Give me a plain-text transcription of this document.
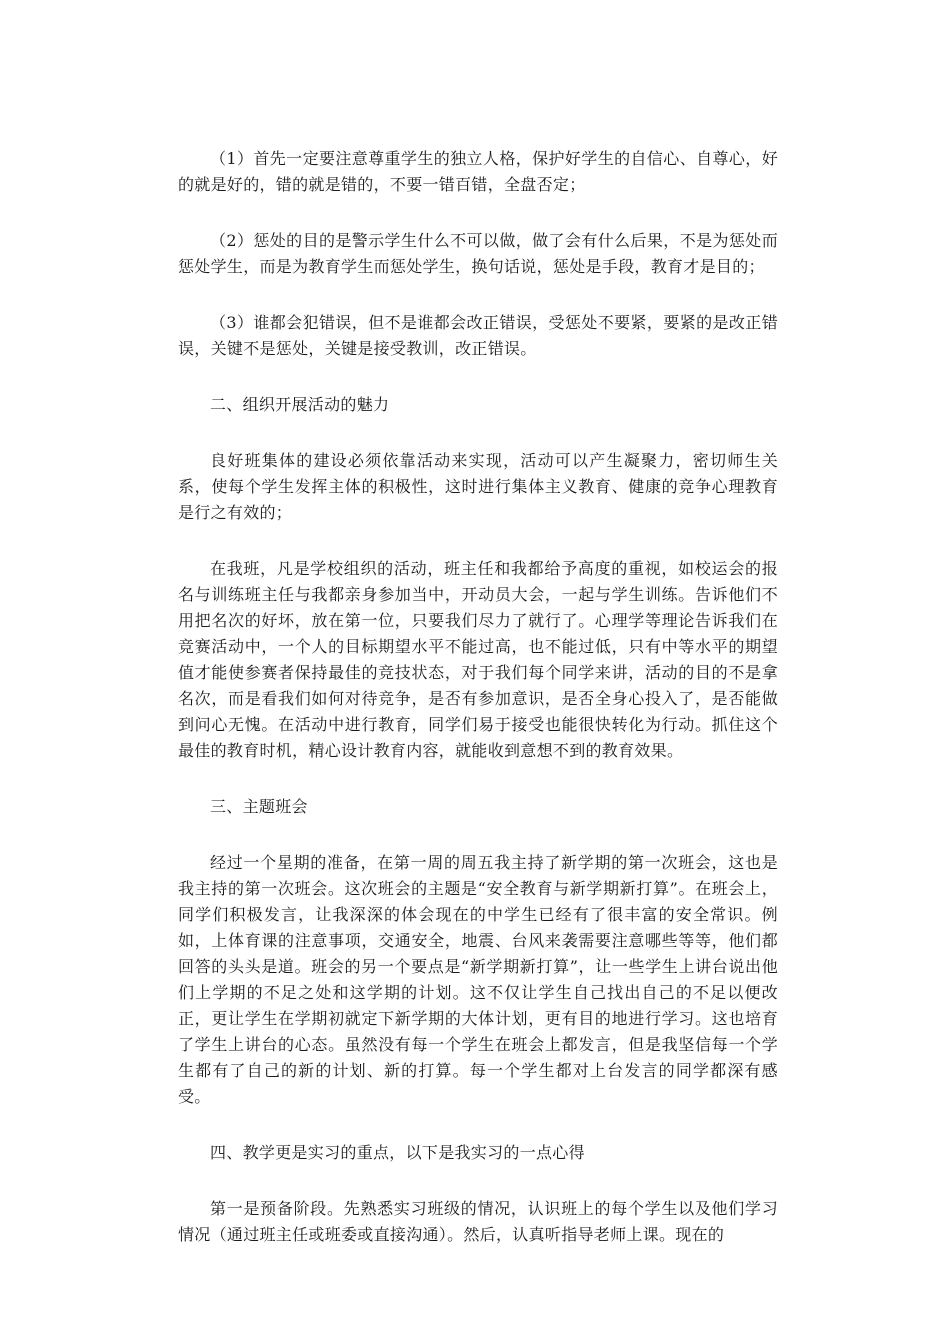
（1）首先一定要注意尊重学生的独立人格，保护好学生的自信心、自尊心，好的就是好的，错的就是错的，不要一错百错，全盘否定；

（2）惩处的目的是警示学生什么不可以做，做了会有什么后果，不是为惩处而惩处学生，而是为教育学生而惩处学生，换句话说，惩处是手段，教育才是目的；

（3）谁都会犯错误，但不是谁都会改正错误，受惩处不要紧，要紧的是改正错误，关键不是惩处，关键是接受教训，改正错误。

二、组织开展活动的魅力

良好班集体的建设必须依靠活动来实现，活动可以产生凝聚力，密切师生关系，使每个学生发挥主体的积极性，这时进行集体主义教育、健康的竞争心理教育是行之有效的；

在我班，凡是学校组织的活动，班主任和我都给予高度的重视，如校运会的报名与训练班主任与我都亲身参加当中，开动员大会，一起与学生训练。告诉他们不用把名次的好坏，放在第一位，只要我们尽力了就行了。心理学等理论告诉我们在竞赛活动中，一个人的目标期望水平不能过高，也不能过低，只有中等水平的期望值才能使参赛者保持最佳的竞技状态，对于我们每个同学来讲，活动的目的不是拿名次，而是看我们如何对待竞争，是否有参加意识，是否全身心投入了，是否能做到问心无愧。在活动中进行教育，同学们易于接受也能很快转化为行动。抓住这个最佳的教育时机，精心设计教育内容，就能收到意想不到的教育效果。

三、主题班会

经过一个星期的准备，在第一周的周五我主持了新学期的第一次班会，这也是我主持的第一次班会。这次班会的主题是“安全教育与新学期新打算”。在班会上，同学们积极发言，让我深深的体会现在的中学生已经有了很丰富的安全常识。例如，上体育课的注意事项，交通安全，地震、台风来袭需要注意哪些等等，他们都回答的头头是道。班会的另一个要点是“新学期新打算”，让一些学生上讲台说出他们上学期的不足之处和这学期的计划。这不仅让学生自己找出自己的不足以便改正，更让学生在学期初就定下新学期的大体计划，更有目的地进行学习。这也培育了学生上讲台的心态。虽然没有每一个学生在班会上都发言，但是我坚信每一个学生都有了自己的新的计划、新的打算。每一个学生都对上台发言的同学都深有感受。

四、教学更是实习的重点，以下是我实习的一点心得

第一是预备阶段。先熟悉实习班级的情况，认识班上的每个学生以及他们学习情况（通过班主任或班委或直接沟通）。然后，认真听指导老师上课。现在的
